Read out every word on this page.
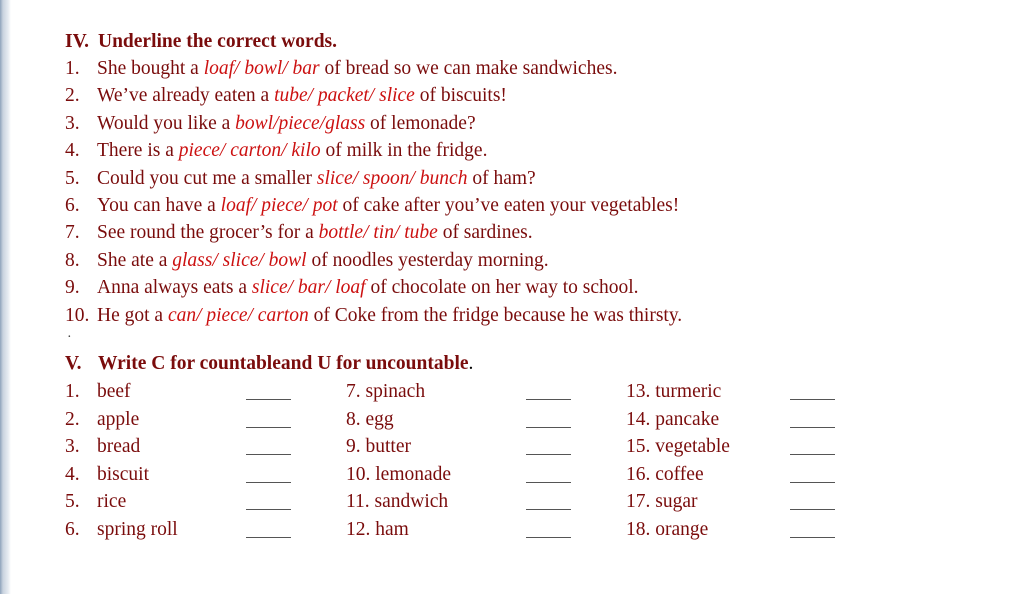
IV. Underline the correct words.
1. She bought a loaf/ bowl/ bar of bread so we can make sandwiches.
2. We’ve already eaten a tube/ packet/ slice of biscuits!
3. Would you like a bowl/piece/glass of lemonade?
4. There is a piece/ carton/ kilo of milk in the fridge.
5. Could you cut me a smaller slice/ spoon/ bunch of ham?
6. You can have a loaf/ piece/ pot of cake after you’ve eaten your vegetables!
7. See round the grocer’s for a bottle/ tin/ tube of sardines.
8. She ate a glass/ slice/ bowl of noodles yesterday morning.
9. Anna always eats a slice/ bar/ loaf of chocolate on her way to school.
10. He got a can/ piece/ carton of Coke from the fridge because he was thirsty.
·
V. Write C for countableand U for uncountable.
1. beef	7. spinach	13. turmeric
2. apple	8. egg	14. pancake
3. bread	9. butter	15. vegetable
4. biscuit	10. lemonade	16. coffee
5. rice	11. sandwich	17. sugar
6. spring roll	12. ham	18. orange
